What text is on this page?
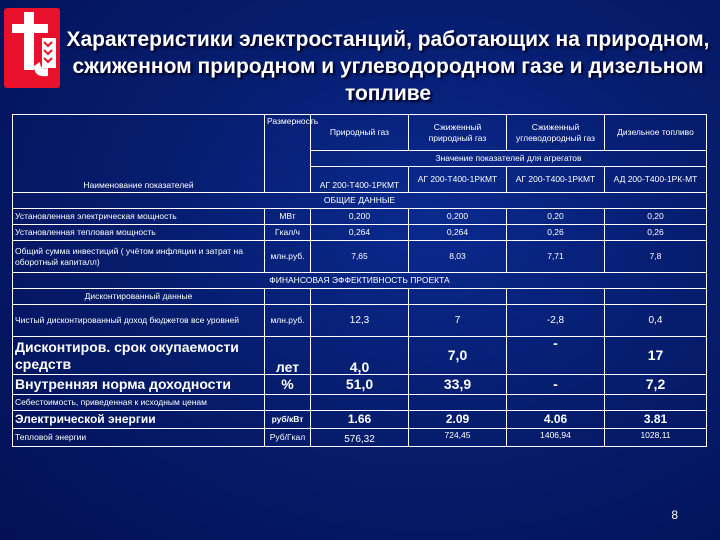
Характеристики электростанций, работающих на природном, сжиженном природном и углеводородном газе и дизельном топливе
Наименование показателей	Размерность	Природный газ	Сжиженный природный газ	Сжиженный углеводородный газ	Дизельное топливо
		Значение показателей для агрегатов			
		АГ 200-Т400-1РКМТ	АГ 200-Т400-1РКМТ	АГ 200-Т400-1РКМТ	АД 200-Т400-1РК-МТ
ОБЩИЕ ДАННЫЕ					
Установленная электрическая мощность	МВт	0,200	0,200	0,20	0,20
Установленная тепловая мощность	Гкал/ч	0,264	0,264	0,26	0,26
Общий сумма инвестиций ( учётом инфляции и затрат на оборотный капиталл)	млн.руб.	7,65	8,03	7,71	7,8
ФИНАНСОВАЯ ЭФФЕКТИВНОСТЬ ПРОЕКТА					
Дисконтированный данные					
Чистый дисконтированный доход бюджетов все уровней	млн.руб.	12,3	7	-2,8	0,4
Дисконтиров. срок окупаемости средств	лет	4,0	7,0	-	17
Внутренняя норма доходности	%	51,0	33,9	-	7,2
Себестоимость, приведенная к исходным ценам					
Электрической энергии	руб/кВт	1.66	2.09	4.06	3.81
Тепловой энергии	Руб/Гкал	576,32	724,45	1406,94	1028,11
8
